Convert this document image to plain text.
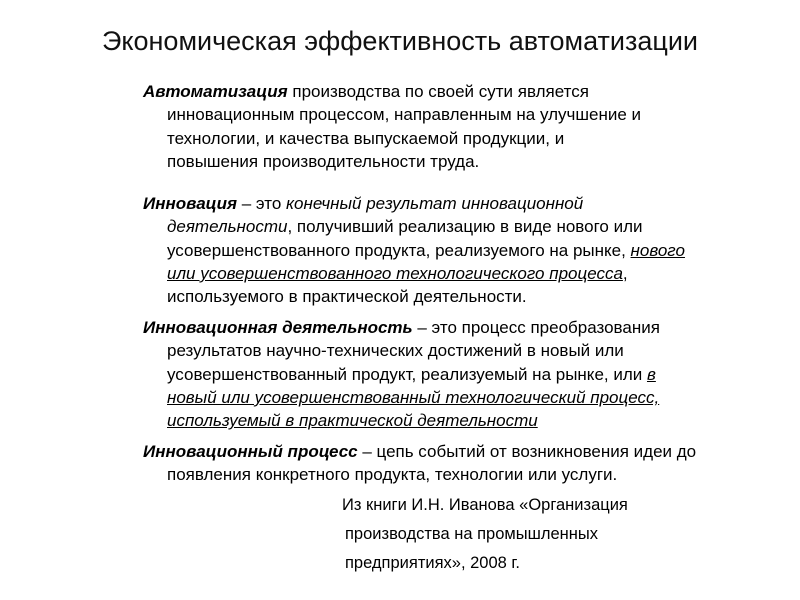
Экономическая эффективность автоматизации
Автоматизация производства по своей сути является
инновационным процессом, направленным на улучшение и
технологии, и качества выпускаемой продукции, и
повышения производительности труда.
Инновация – это конечный результат инновационной
деятельности, получивший реализацию в виде нового или
усовершенствованного продукта, реализуемого на рынке, нового
или усовершенствованного технологического процесса,
используемого в практической деятельности.
Инновационная деятельность – это процесс преобразования
результатов научно-технических достижений в новый или
усовершенствованный продукт, реализуемый на рынке, или в
новый или усовершенствованный технологический процесс,
используемый в практической деятельности
Инновационный процесс – цепь событий от возникновения идеи до
появления конкретного продукта, технологии или услуги.
Из книги И.Н. Иванова «Организация
производства на промышленных
предприятиях», 2008 г.
